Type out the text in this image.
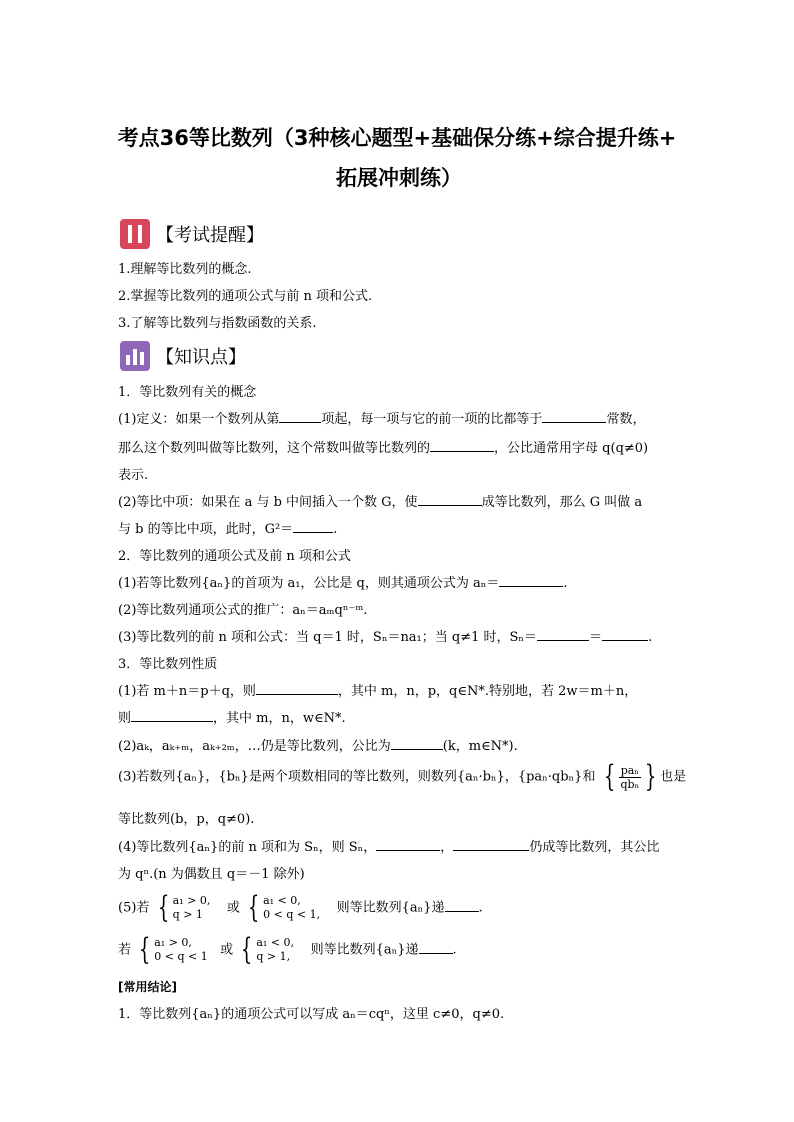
考点36等比数列（3种核心题型+基础保分练+综合提升练+
拓展冲刺练）
【考试提醒】
1.理解等比数列的概念.
2.掌握等比数列的通项公式与前 n 项和公式.
3.了解等比数列与指数函数的关系.
【知识点】
1．等比数列有关的概念
(1)定义：如果一个数列从第	项起，每一项与它的前一项的比都等于	常数，
那么这个数列叫做等比数列，这个常数叫做等比数列的	，公比通常用字母 q(q≠0)
表示.
(2)等比中项：如果在 a 与 b 中间插入一个数 G，使	成等比数列，那么 G 叫做 a
与 b 的等比中项，此时，G²＝	.
2．等比数列的通项公式及前 n 项和公式
(1)若等比数列{aₙ}的首项为 a₁，公比是 q，则其通项公式为 aₙ＝	.
(2)等比数列通项公式的推广：aₙ＝aₘqⁿ⁻ᵐ.
(3)等比数列的前 n 项和公式：当 q＝1 时，Sₙ＝na₁；当 q≠1 时，Sₙ＝	＝	.
3．等比数列性质
(1)若 m＋n＝p＋q，则	，其中 m，n，p，q∈N*.特别地，若 2w＝m＋n，
则	，其中 m，n，w∈N*.
(2)aₖ，aₖ₊ₘ，aₖ₊₂ₘ，…仍是等比数列，公比为	(k，m∈N*).
(3)若数列{aₙ}，{bₙ}是两个项数相同的等比数列，则数列{aₙ·bₙ}，{paₙ·qbₙ}和 { $\frac{\text{paₙ}}{\text{qbₙ}}$ } 也是
等比数列(b，p，q≠0).
(4)等比数列{aₙ}的前 n 项和为 Sₙ，则 Sₙ，	，	仍成等比数列，其公比
为 qⁿ.(n 为偶数且 q＝－1 除外)
(5)若 { a₁ > 0,
q > 1	或 { a₁ < 0,
0 < q < 1, 则等比数列{aₙ}递	.
若 { a₁ > 0,
0 < q < 1 或 { a₁ < 0,
q > 1,	则等比数列{aₙ}递	.
[常用结论]
1．等比数列{aₙ}的通项公式可以写成 aₙ＝cqⁿ，这里 c≠0，q≠0.
